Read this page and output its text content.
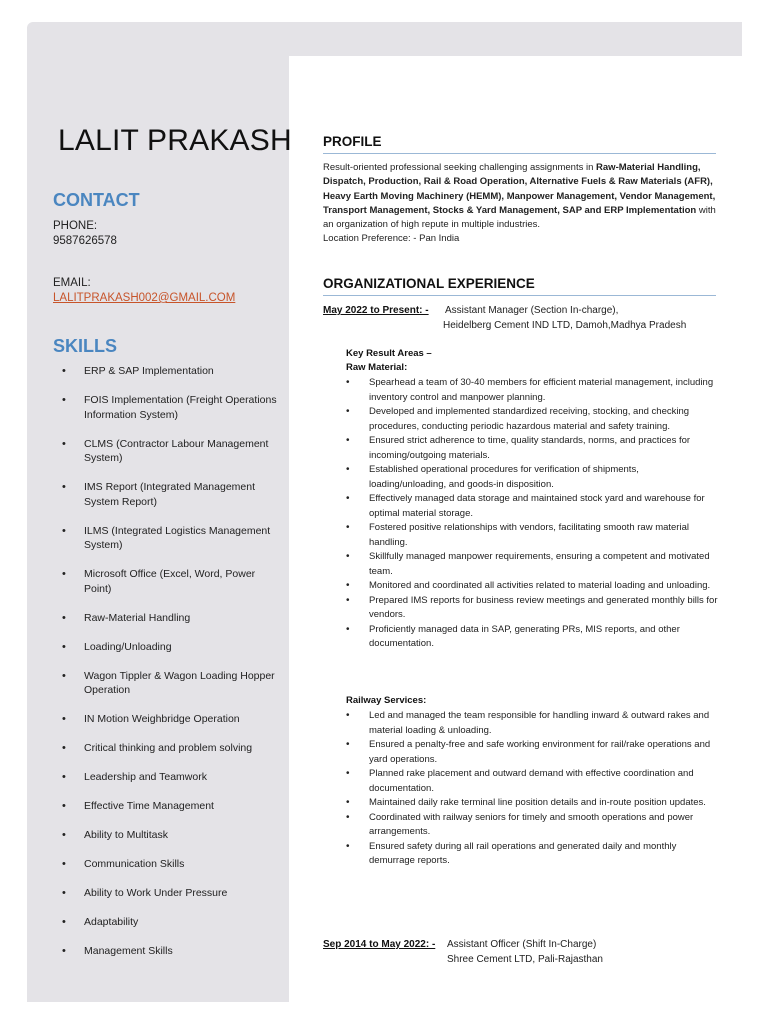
LALIT PRAKASH
CONTACT
PHONE:
9587626578
EMAIL:
LALITPRAKASH002@GMAIL.COM
SKILLS
• ERP & SAP Implementation
• FOIS Implementation (Freight Operations Information System)
• CLMS (Contractor Labour Management System)
• IMS Report (Integrated Management System Report)
• ILMS (Integrated Logistics Management System)
• Microsoft Office (Excel, Word, Power Point)
• Raw-Material Handling
• Loading/Unloading
• Wagon Tippler & Wagon Loading Hopper Operation
• IN Motion Weighbridge Operation
• Critical thinking and problem solving
• Leadership and Teamwork
• Effective Time Management
• Ability to Multitask
• Communication Skills
• Ability to Work Under Pressure
• Adaptability
• Management Skills
PROFILE
Result-oriented professional seeking challenging assignments in Raw-Material Handling, Dispatch, Production, Rail & Road Operation, Alternative Fuels & Raw Materials (AFR), Heavy Earth Moving Machinery (HEMM), Manpower Management, Vendor Management, Transport Management, Stocks & Yard Management, SAP and ERP Implementation with an organization of high repute in multiple industries.
Location Preference: - Pan India
ORGANIZATIONAL EXPERIENCE
May 2022 to Present: - Assistant Manager (Section In-charge),
Heidelberg Cement IND LTD, Damoh,Madhya Pradesh
Key Result Areas –
Raw Material:
• Spearhead a team of 30-40 members for efficient material management, including inventory control and manpower planning.
• Developed and implemented standardized receiving, stocking, and checking procedures, conducting periodic hazardous material and safety training.
• Ensured strict adherence to time, quality standards, norms, and practices for incoming/outgoing materials.
• Established operational procedures for verification of shipments, loading/unloading, and goods-in disposition.
• Effectively managed data storage and maintained stock yard and warehouse for optimal material storage.
• Fostered positive relationships with vendors, facilitating smooth raw material handling.
• Skillfully managed manpower requirements, ensuring a competent and motivated team.
• Monitored and coordinated all activities related to material loading and unloading.
• Prepared IMS reports for business review meetings and generated monthly bills for vendors.
• Proficiently managed data in SAP, generating PRs, MIS reports, and other documentation.
Railway Services:
• Led and managed the team responsible for handling inward & outward rakes and material loading & unloading.
• Ensured a penalty-free and safe working environment for rail/rake operations and yard operations.
• Planned rake placement and outward demand with effective coordination and documentation.
• Maintained daily rake terminal line position details and in-route position updates.
• Coordinated with railway seniors for timely and smooth operations and power arrangements.
• Ensured safety during all rail operations and generated daily and monthly demurrage reports.
Sep 2014 to May 2022: - Assistant Officer (Shift In-Charge)
Shree Cement LTD, Pali-Rajasthan
